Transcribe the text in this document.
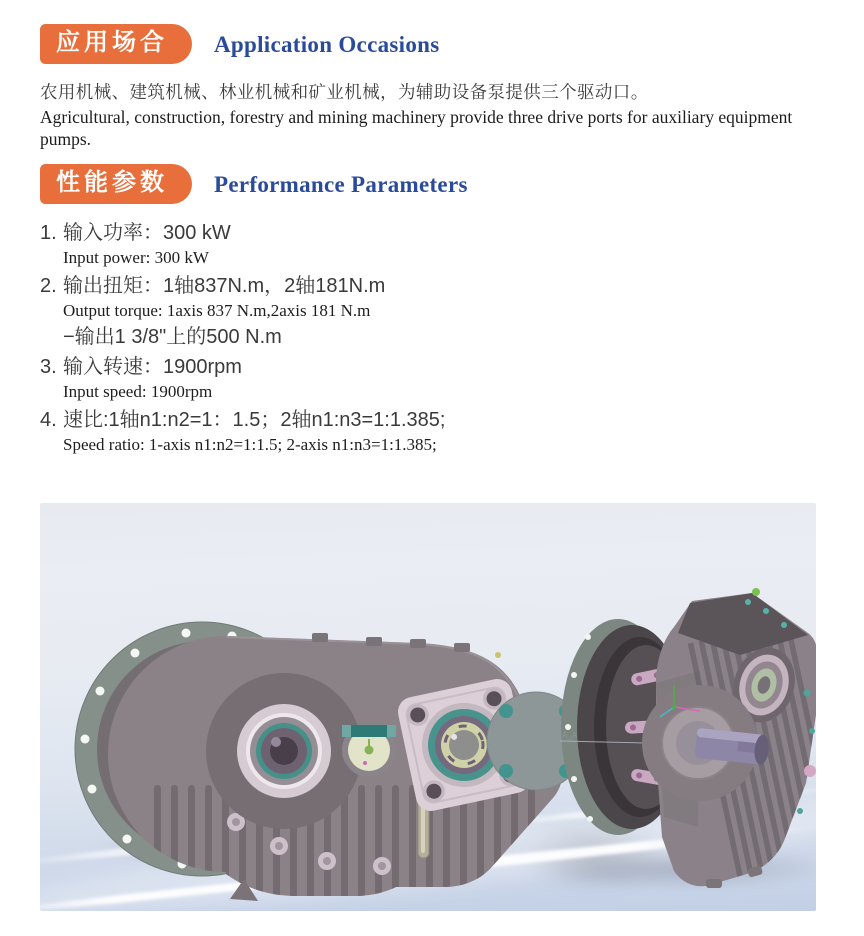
应用场合	Application Occasions

农用机械、建筑机械、林业机械和矿业机械，为辅助设备泵提供三个驱动口。

Agricultural, construction, forestry and mining machinery provide three drive ports for auxiliary equipment pumps.

性能参数	Performance Parameters
1. 输入功率：300 kW
Input power: 300 kW
2. 输出扭矩：1轴837N.m，2轴181N.m
Output torque: 1axis 837 N.m,2axis 181 N.m
−输出1 3/8"上的500 N.m
3. 输入转速：1900rpm
Input speed: 1900rpm
4. 速比:1轴n1:n2=1：1.5；2轴n1:n3=1:1.385;
Speed ratio: 1-axis n1:n2=1:1.5; 2-axis n1:n3=1:1.385;
A_A
